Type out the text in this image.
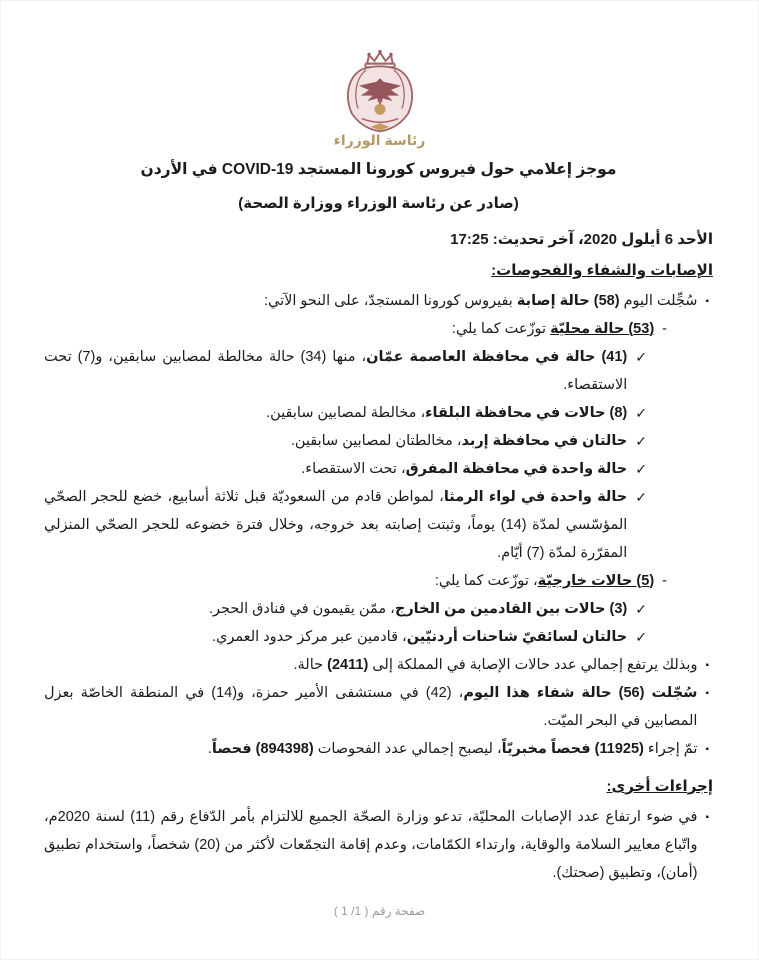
رئاسة الوزراء
موجز إعلامي حول فيروس كورونا المستجد COVID-19 في الأردن
(صادر عن رئاسة الوزراء ووزارة الصحة)
الأحد 6 أيلول 2020، آخر تحديث: 17:25
الإصابات والشفاء والفحوصات:
▪
سُجِّلت اليوم (58) حالة إصابة بفيروس كورونا المستجدّ، على النحو الآتي:
-
(53) حالة محليّة توزّعت كما يلي:
✓
(41) حالة في محافظة العاصمة عمّان، منها (34) حالة مخالطة لمصابين سابقين، و(7) تحت الاستقصاء.
✓
(8) حالات في محافظة البلقاء، مخالطة لمصابين سابقين.
✓
حالتان في محافظة إربد، مخالطتان لمصابين سابقين.
✓
حالة واحدة في محافظة المفرق، تحت الاستقصاء.
✓
حالة واحدة في لواء الرمثا، لمواطن قادم من السعوديّة قبل ثلاثة أسابيع، خضع للحجر الصحّي المؤسّسي لمدّة (14) يوماً، وثبتت إصابته بعد خروجه، وخلال فترة خضوعه للحجر الصحّي المنزلي المقرّرة لمدّة (7) أيّام.
-
(5) حالات خارجيّة، توزّعت كما يلي:
✓
(3) حالات بين القادمين من الخارج، ممّن يقيمون في فنادق الحجر.
✓
حالتان لسائقيّ شاحنات أردنيّين، قادمين عبر مركز حدود العمري.
▪
وبذلك يرتفع إجمالي عدد حالات الإصابة في المملكة إلى (2411) حالة.
▪
سُجّلت (56) حالة شفاء هذا اليوم، (42) في مستشفى الأمير حمزة، و(14) في المنطقة الخاصّة بعزل المصابين في البحر الميّت.
▪
تمّ إجراء (11925) فحصاً مخبريّاً، ليصبح إجمالي عدد الفحوصات (894398) فحصاً.
إجراءات أخرى:
▪
في ضوء ارتفاع عدد الإصابات المحليّة، تدعو وزارة الصحّة الجميع للالتزام بأمر الدّفاع رقم (11) لسنة 2020م، واتّباع معايير السلامة والوقاية، وارتداء الكمّامات، وعدم إقامة التجمّعات لأكثر من (20) شخصاً، واستخدام تطبيق (أمان)، وتطبيق (صحتك).
صفحة رقم ( 1/ 1 )
